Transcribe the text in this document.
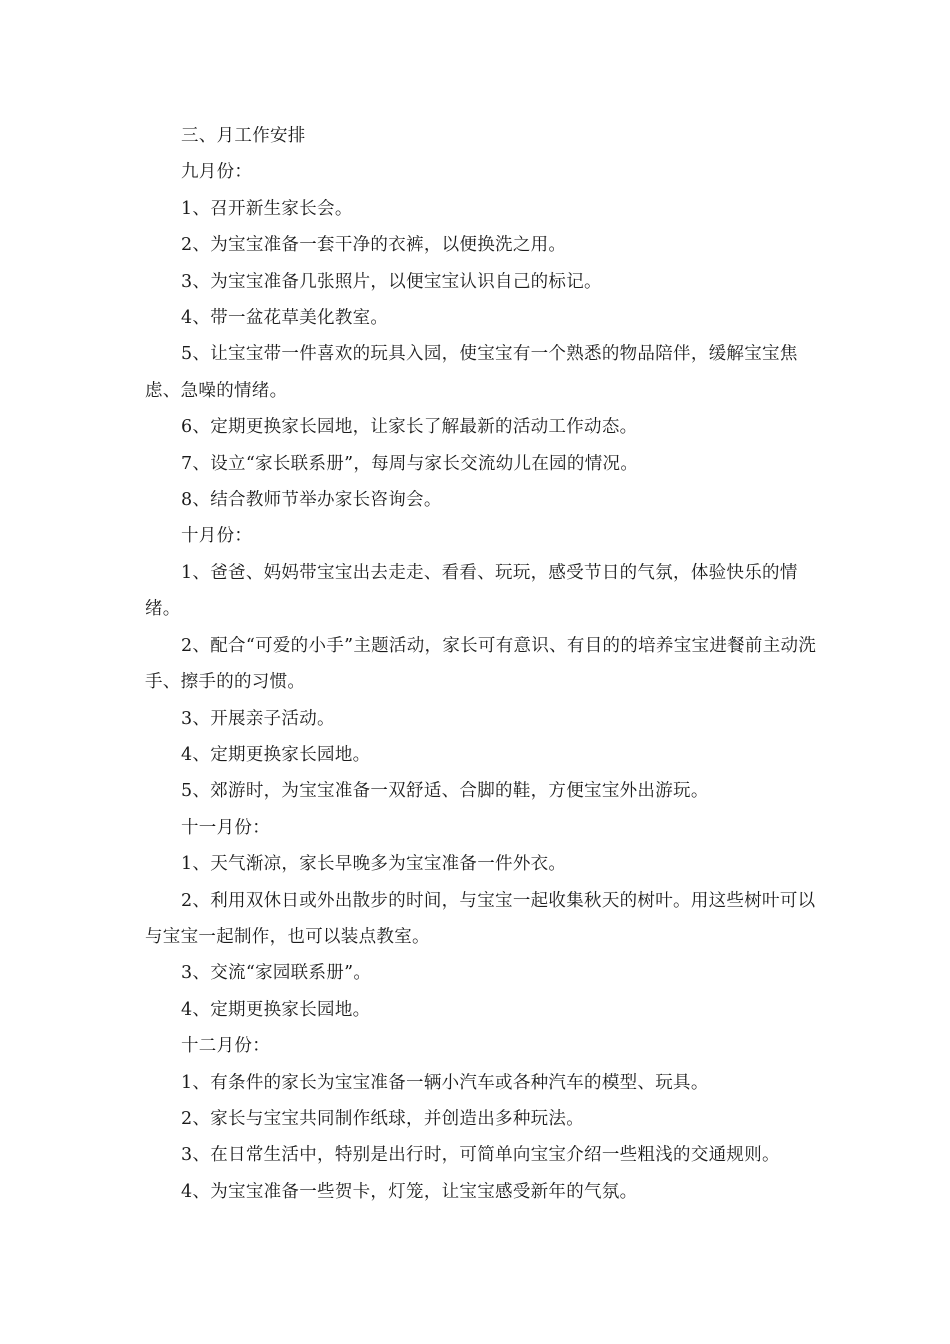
三、月工作安排

九月份：

1、召开新生家长会。

2、为宝宝准备一套干净的衣裤，以便换洗之用。

3、为宝宝准备几张照片，以便宝宝认识自己的标记。

4、带一盆花草美化教室。

5、让宝宝带一件喜欢的玩具入园，使宝宝有一个熟悉的物品陪伴，缓解宝宝焦虑、急噪的情绪。

6、定期更换家长园地，让家长了解最新的活动工作动态。

7、设立“家长联系册”，每周与家长交流幼儿在园的情况。

8、结合教师节举办家长咨询会。

十月份：

1、爸爸、妈妈带宝宝出去走走、看看、玩玩，感受节日的气氛，体验快乐的情绪。

2、配合“可爱的小手”主题活动，家长可有意识、有目的的培养宝宝进餐前主动洗手、擦手的的习惯。

3、开展亲子活动。

4、定期更换家长园地。

5、郊游时，为宝宝准备一双舒适、合脚的鞋，方便宝宝外出游玩。

十一月份：

1、天气渐凉，家长早晚多为宝宝准备一件外衣。

2、利用双休日或外出散步的时间，与宝宝一起收集秋天的树叶。用这些树叶可以与宝宝一起制作，也可以装点教室。

3、交流“家园联系册”。

4、定期更换家长园地。

十二月份：

1、有条件的家长为宝宝准备一辆小汽车或各种汽车的模型、玩具。

2、家长与宝宝共同制作纸球，并创造出多种玩法。

3、在日常生活中，特别是出行时，可简单向宝宝介绍一些粗浅的交通规则。

4、为宝宝准备一些贺卡，灯笼，让宝宝感受新年的气氛。
